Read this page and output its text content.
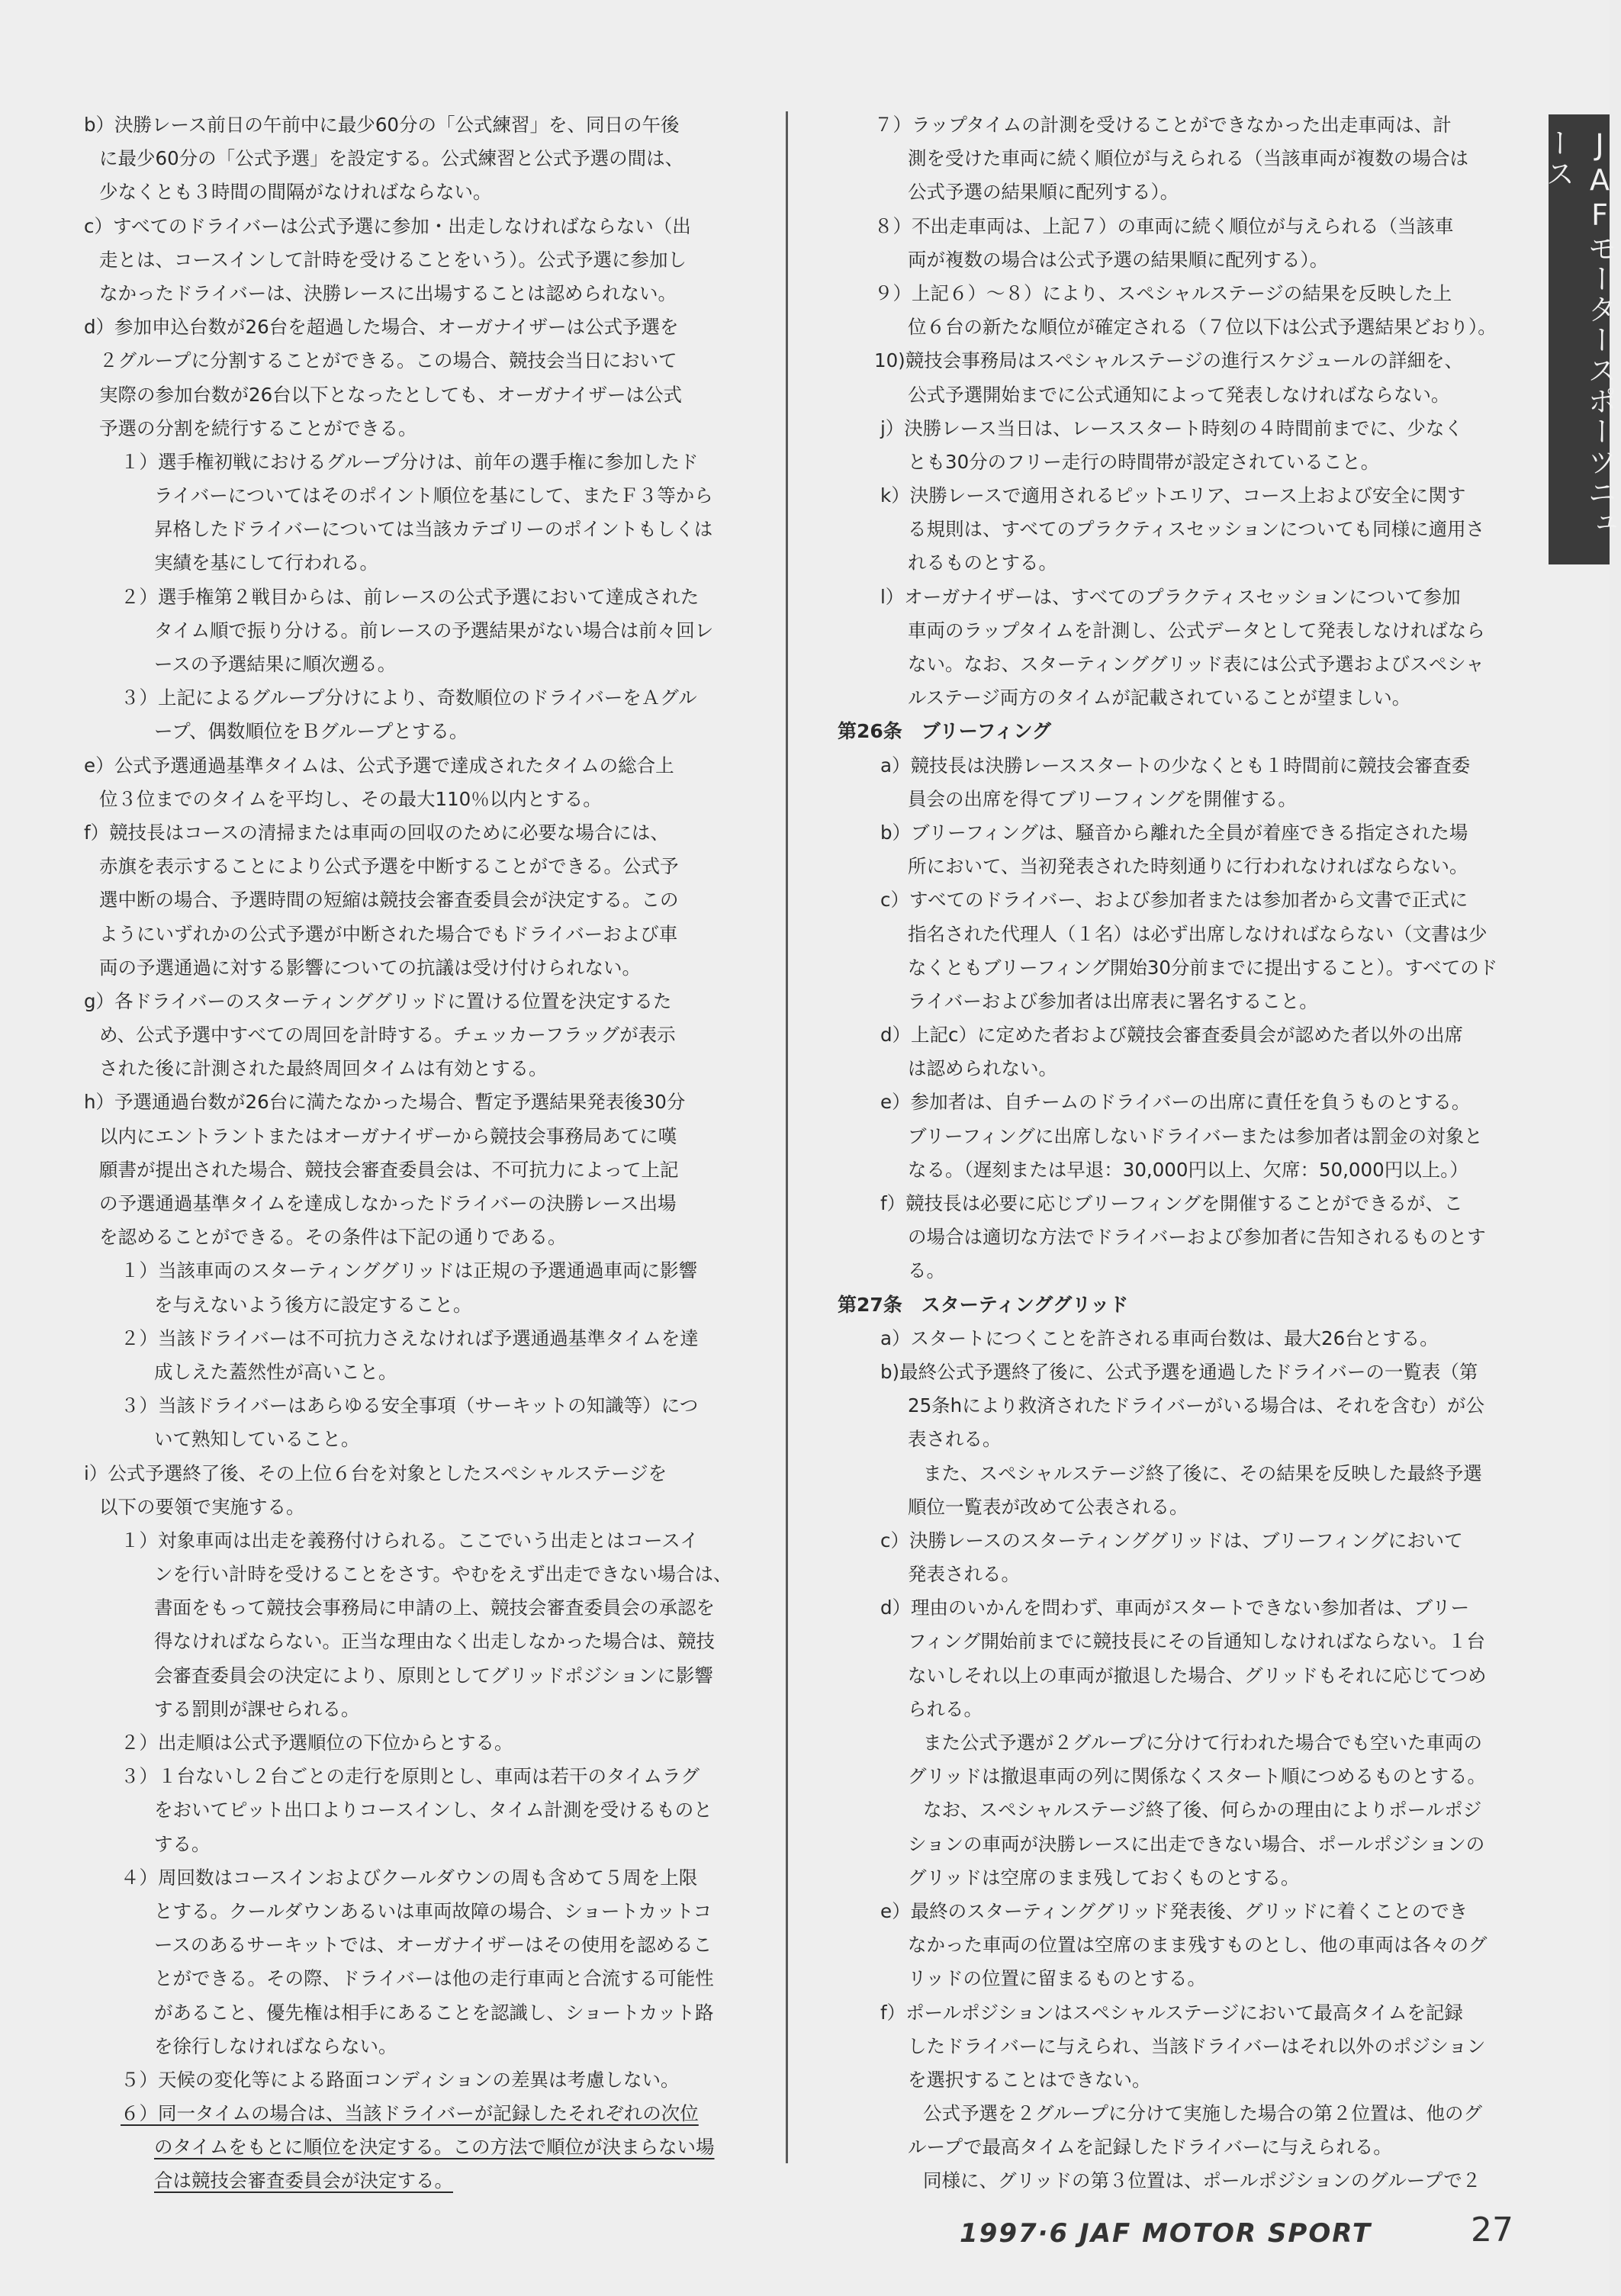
b）決勝レース前日の午前中に最少60分の「公式練習」を、同日の午後
に最少60分の「公式予選」を設定する。公式練習と公式予選の間は、
少なくとも３時間の間隔がなければならない。
c）すべてのドライバーは公式予選に参加・出走しなければならない（出
走とは、コースインして計時を受けることをいう）。公式予選に参加し
なかったドライバーは、決勝レースに出場することは認められない。
d）参加申込台数が26台を超過した場合、オーガナイザーは公式予選を
２グループに分割することができる。この場合、競技会当日において
実際の参加台数が26台以下となったとしても、オーガナイザーは公式
予選の分割を続行することができる。
１）選手権初戦におけるグループ分けは、前年の選手権に参加したド
ライバーについてはそのポイント順位を基にして、またＦ３等から
昇格したドライバーについては当該カテゴリーのポイントもしくは
実績を基にして行われる。
２）選手権第２戦目からは、前レースの公式予選において達成された
タイム順で振り分ける。前レースの予選結果がない場合は前々回レ
ースの予選結果に順次遡る。
３）上記によるグループ分けにより、奇数順位のドライバーをＡグル
ープ、偶数順位をＢグループとする。
e）公式予選通過基準タイムは、公式予選で達成されたタイムの総合上
位３位までのタイムを平均し、その最大110％以内とする。
f）競技長はコースの清掃または車両の回収のために必要な場合には、
赤旗を表示することにより公式予選を中断することができる。公式予
選中断の場合、予選時間の短縮は競技会審査委員会が決定する。この
ようにいずれかの公式予選が中断された場合でもドライバーおよび車
両の予選通過に対する影響についての抗議は受け付けられない。
g）各ドライバーのスターティンググリッドに置ける位置を決定するた
め、公式予選中すべての周回を計時する。チェッカーフラッグが表示
された後に計測された最終周回タイムは有効とする。
h）予選通過台数が26台に満たなかった場合、暫定予選結果発表後30分
以内にエントラントまたはオーガナイザーから競技会事務局あてに嘆
願書が提出された場合、競技会審査委員会は、不可抗力によって上記
の予選通過基準タイムを達成しなかったドライバーの決勝レース出場
を認めることができる。その条件は下記の通りである。
１）当該車両のスターティンググリッドは正規の予選通過車両に影響
を与えないよう後方に設定すること。
２）当該ドライバーは不可抗力さえなければ予選通過基準タイムを達
成しえた蓋然性が高いこと。
３）当該ドライバーはあらゆる安全事項（サーキットの知識等）につ
いて熟知していること。
i）公式予選終了後、その上位６台を対象としたスペシャルステージを
以下の要領で実施する。
１）対象車両は出走を義務付けられる。ここでいう出走とはコースイ
ンを行い計時を受けることをさす。やむをえず出走できない場合は、
書面をもって競技会事務局に申請の上、競技会審査委員会の承認を
得なければならない。正当な理由なく出走しなかった場合は、競技
会審査委員会の決定により、原則としてグリッドポジションに影響
する罰則が課せられる。
２）出走順は公式予選順位の下位からとする。
３）１台ないし２台ごとの走行を原則とし、車両は若干のタイムラグ
をおいてピット出口よりコースインし、タイム計測を受けるものと
する。
４）周回数はコースインおよびクールダウンの周も含めて５周を上限
とする。クールダウンあるいは車両故障の場合、ショートカットコ
ースのあるサーキットでは、オーガナイザーはその使用を認めるこ
とができる。その際、ドライバーは他の走行車両と合流する可能性
があること、優先権は相手にあることを認識し、ショートカット路
を徐行しなければならない。
５）天候の変化等による路面コンディションの差異は考慮しない。
６）同一タイムの場合は、当該ドライバーが記録したそれぞれの次位
のタイムをもとに順位を決定する。この方法で順位が決まらない場
合は競技会審査委員会が決定する。
７）ラップタイムの計測を受けることができなかった出走車両は、計
測を受けた車両に続く順位が与えられる（当該車両が複数の場合は
公式予選の結果順に配列する）。
８）不出走車両は、上記７）の車両に続く順位が与えられる（当該車
両が複数の場合は公式予選の結果順に配列する）。
９）上記６）～８）により、スペシャルステージの結果を反映した上
位６台の新たな順位が確定される（７位以下は公式予選結果どおり）。
10)競技会事務局はスペシャルステージの進行スケジュールの詳細を、
公式予選開始までに公式通知によって発表しなければならない。
j）決勝レース当日は、レーススタート時刻の４時間前までに、少なく
とも30分のフリー走行の時間帯が設定されていること。
k）決勝レースで適用されるピットエリア、コース上および安全に関す
る規則は、すべてのプラクティスセッションについても同様に適用さ
れるものとする。
l）オーガナイザーは、すべてのプラクティスセッションについて参加
車両のラップタイムを計測し、公式データとして発表しなければなら
ない。なお、スターティンググリッド表には公式予選およびスペシャ
ルステージ両方のタイムが記載されていることが望ましい。
第26条　ブリーフィング
a）競技長は決勝レーススタートの少なくとも１時間前に競技会審査委
員会の出席を得てブリーフィングを開催する。
b）ブリーフィングは、騒音から離れた全員が着座できる指定された場
所において、当初発表された時刻通りに行われなければならない。
c）すべてのドライバー、および参加者または参加者から文書で正式に
指名された代理人（１名）は必ず出席しなければならない（文書は少
なくともブリーフィング開始30分前までに提出すること）。すべてのド
ライバーおよび参加者は出席表に署名すること。
d）上記c）に定めた者および競技会審査委員会が認めた者以外の出席
は認められない。
e）参加者は、自チームのドライバーの出席に責任を負うものとする。
ブリーフィングに出席しないドライバーまたは参加者は罰金の対象と
なる。（遅刻または早退：30,000円以上、欠席：50,000円以上。）
f）競技長は必要に応じブリーフィングを開催することができるが、こ
の場合は適切な方法でドライバーおよび参加者に告知されるものとす
る。
第27条　スターティンググリッド
a）スタートにつくことを許される車両台数は、最大26台とする。
b)最終公式予選終了後に、公式予選を通過したドライバーの一覧表（第
25条hにより救済されたドライバーがいる場合は、それを含む）が公
表される。
また、スペシャルステージ終了後に、その結果を反映した最終予選
順位一覧表が改めて公表される。
c）決勝レースのスターティンググリッドは、ブリーフィングにおいて
発表される。
d）理由のいかんを問わず、車両がスタートできない参加者は、ブリー
フィング開始前までに競技長にその旨通知しなければならない。１台
ないしそれ以上の車両が撤退した場合、グリッドもそれに応じてつめ
られる。
また公式予選が２グループに分けて行われた場合でも空いた車両の
グリッドは撤退車両の列に関係なくスタート順につめるものとする。
なお、スペシャルステージ終了後、何らかの理由によりポールポジ
ションの車両が決勝レースに出走できない場合、ポールポジションの
グリッドは空席のまま残しておくものとする。
e）最終のスターティンググリッド発表後、グリッドに着くことのでき
なかった車両の位置は空席のまま残すものとし、他の車両は各々のグ
リッドの位置に留まるものとする。
f）ポールポジションはスペシャルステージにおいて最高タイムを記録
したドライバーに与えられ、当該ドライバーはそれ以外のポジション
を選択することはできない。
公式予選を２グループに分けて実施した場合の第２位置は、他のグ
ループで最高タイムを記録したドライバーに与えられる。
同様に、グリッドの第３位置は、ポールポジションのグループで２
JAFモータースポーツニュース
1997·6 JAF MOTOR SPORT	27
